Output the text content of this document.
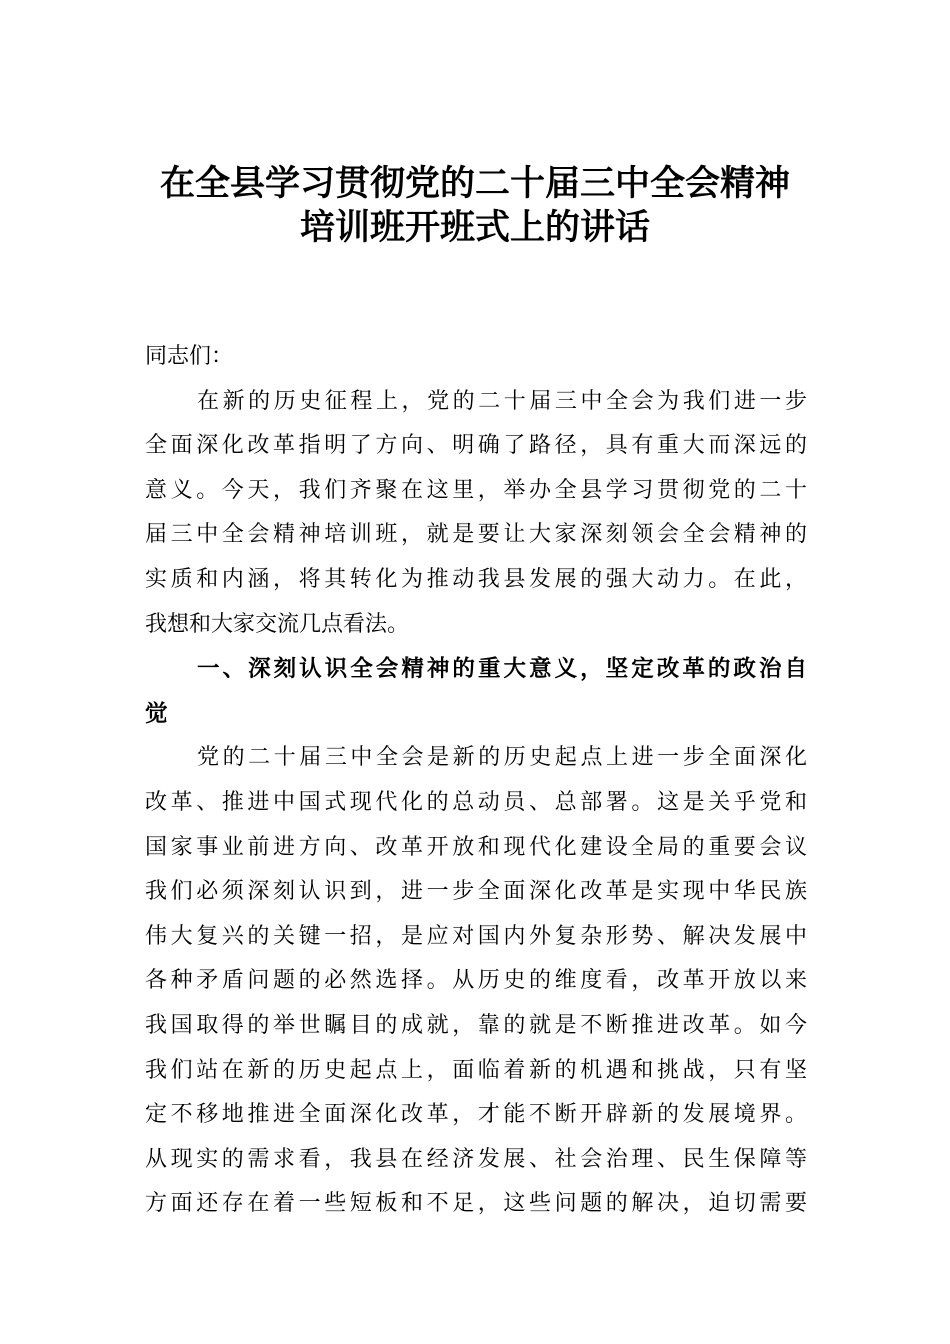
在全县学习贯彻党的二十届三中全会精神
培训班开班式上的讲话
同志们：
在新的历史征程上，党的二十届三中全会为我们进一步
全面深化改革指明了方向、明确了路径，具有重大而深远的
意义。今天，我们齐聚在这里，举办全县学习贯彻党的二十
届三中全会精神培训班，就是要让大家深刻领会全会精神的
实质和内涵，将其转化为推动我县发展的强大动力。在此，
我想和大家交流几点看法。
一、深刻认识全会精神的重大意义，坚定改革的政治自
觉
党的二十届三中全会是新的历史起点上进一步全面深化
改革、推进中国式现代化的总动员、总部署。这是关乎党和
国家事业前进方向、改革开放和现代化建设全局的重要会议
我们必须深刻认识到，进一步全面深化改革是实现中华民族
伟大复兴的关键一招，是应对国内外复杂形势、解决发展中
各种矛盾问题的必然选择。从历史的维度看，改革开放以来
我国取得的举世瞩目的成就，靠的就是不断推进改革。如今
我们站在新的历史起点上，面临着新的机遇和挑战，只有坚
定不移地推进全面深化改革，才能不断开辟新的发展境界。
从现实的需求看，我县在经济发展、社会治理、民生保障等
方面还存在着一些短板和不足，这些问题的解决，迫切需要
